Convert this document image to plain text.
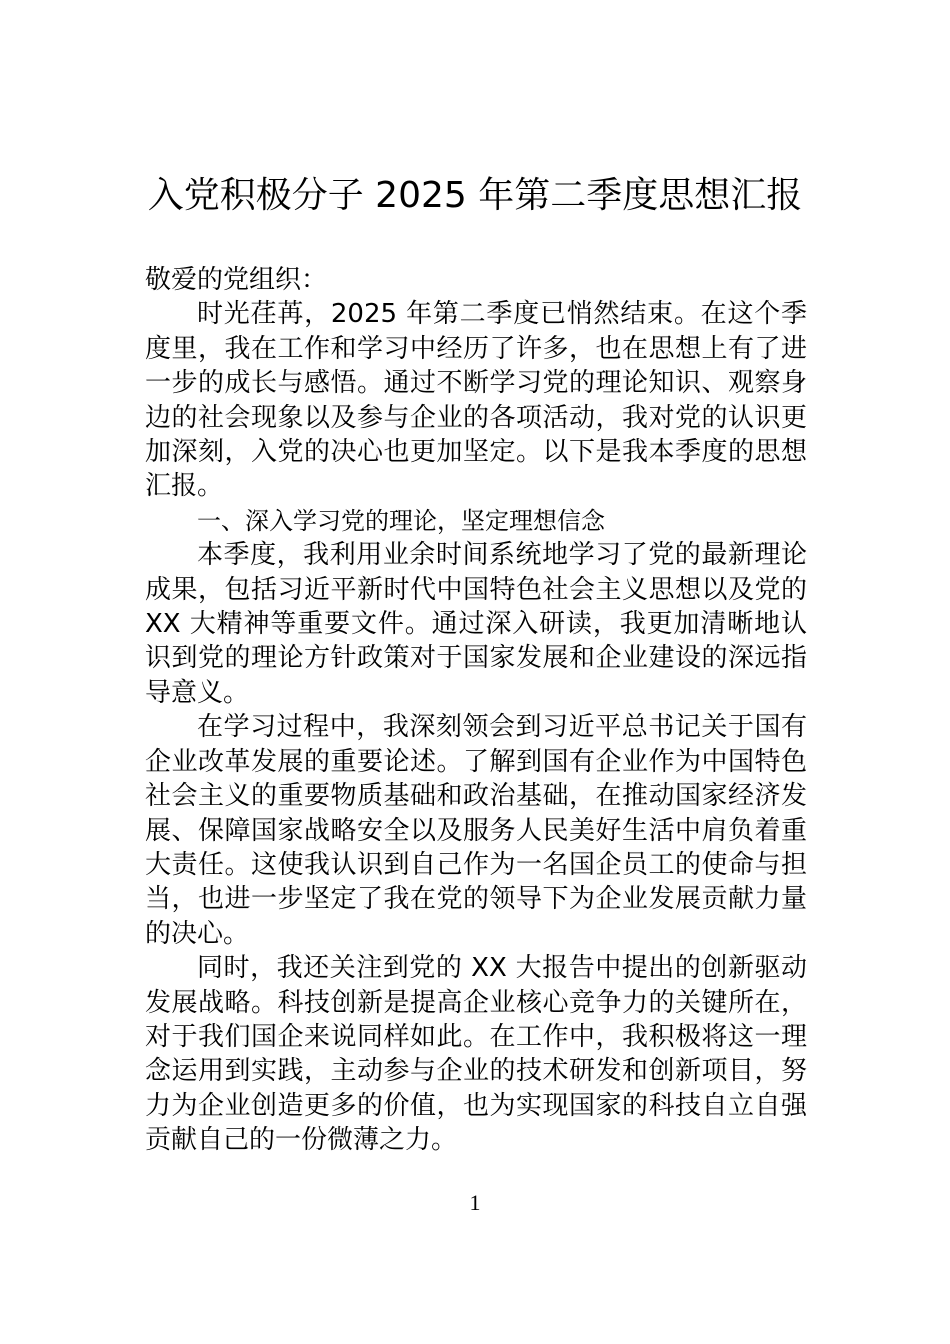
入党积极分子 2025 年第二季度思想汇报

敬爱的党组织：

时光荏苒，2025 年第二季度已悄然结束。在这个季度里，我在工作和学习中经历了许多，也在思想上有了进一步的成长与感悟。通过不断学习党的理论知识、观察身边的社会现象以及参与企业的各项活动，我对党的认识更加深刻，入党的决心也更加坚定。以下是我本季度的思想汇报。

一、深入学习党的理论，坚定理想信念

本季度，我利用业余时间系统地学习了党的最新理论成果，包括习近平新时代中国特色社会主义思想以及党的 XX 大精神等重要文件。通过深入研读，我更加清晰地认识到党的理论方针政策对于国家发展和企业建设的深远指导意义。

在学习过程中，我深刻领会到习近平总书记关于国有企业改革发展的重要论述。了解到国有企业作为中国特色社会主义的重要物质基础和政治基础，在推动国家经济发展、保障国家战略安全以及服务人民美好生活中肩负着重大责任。这使我认识到自己作为一名国企员工的使命与担当，也进一步坚定了我在党的领导下为企业发展贡献力量的决心。

同时，我还关注到党的 XX 大报告中提出的创新驱动发展战略。科技创新是提高企业核心竞争力的关键所在，对于我们国企来说同样如此。在工作中，我积极将这一理念运用到实践，主动参与企业的技术研发和创新项目，努力为企业创造更多的价值，也为实现国家的科技自立自强贡献自己的一份微薄之力。

1
